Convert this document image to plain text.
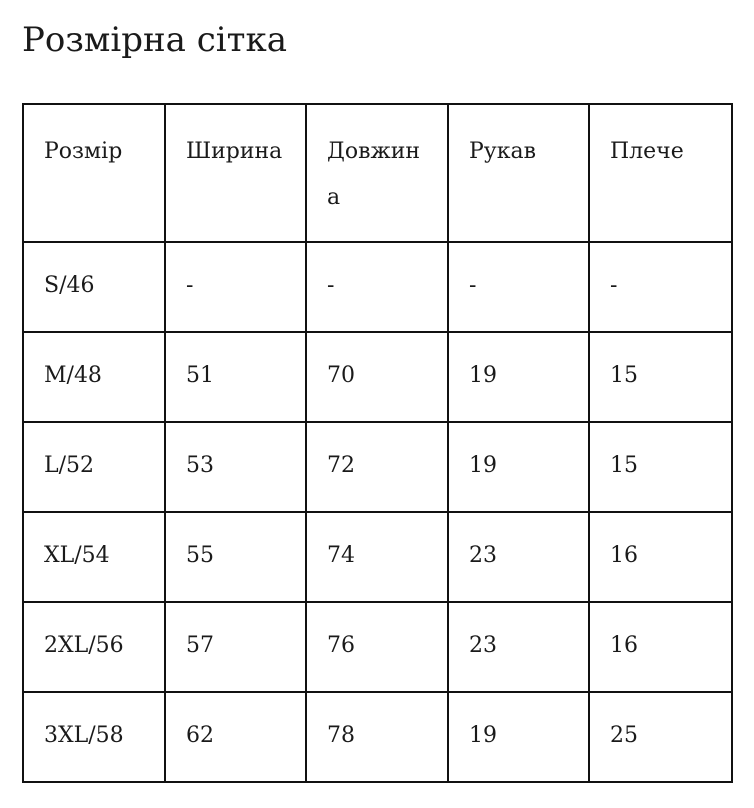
Розмірна сітка
Розмір	Ширина	Довжина	Рукав	Плече
S/46	-	-	-	-
M/48	51	70	19	15
L/52	53	72	19	15
XL/54	55	74	23	16
2XL/56	57	76	23	16
3XL/58	62	78	19	25
